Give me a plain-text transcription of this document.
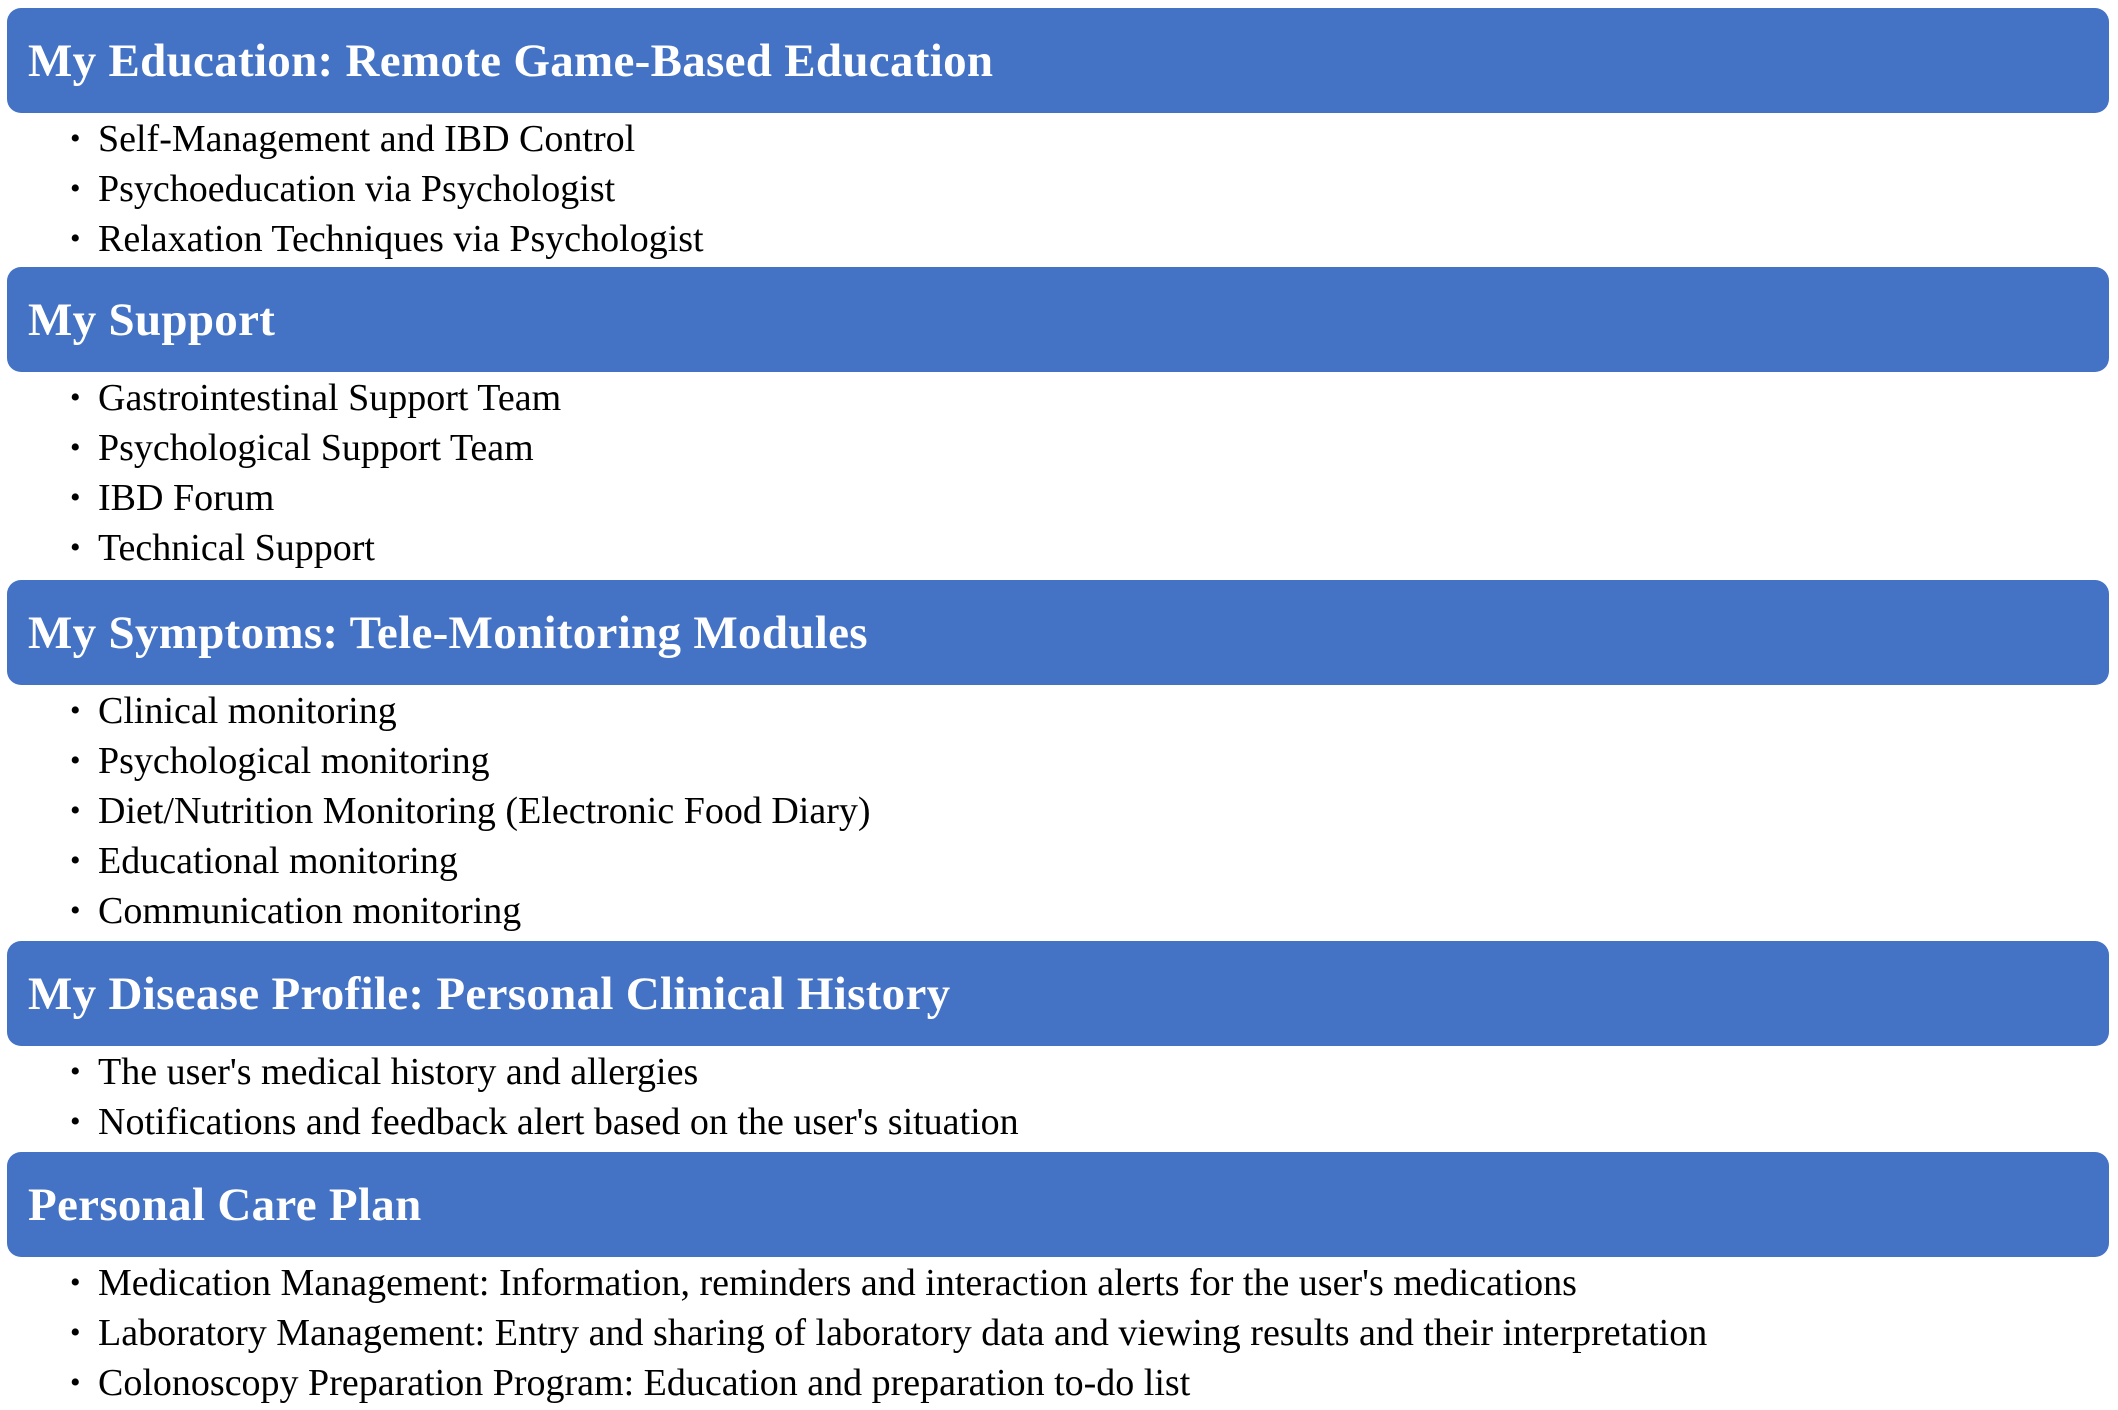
My Education: Remote Game-Based Education
• Self-Management and IBD Control
• Psychoeducation via Psychologist
• Relaxation Techniques via Psychologist
My Support
• Gastrointestinal Support Team
• Psychological Support Team
• IBD Forum
• Technical Support
My Symptoms: Tele-Monitoring Modules
• Clinical monitoring
• Psychological monitoring
• Diet/Nutrition Monitoring (Electronic Food Diary)
• Educational monitoring
• Communication monitoring
My Disease Profile: Personal Clinical History
• The user's medical history and allergies
• Notifications and feedback alert based on the user's situation
Personal Care Plan
• Medication Management: Information, reminders and interaction alerts for the user's medications
• Laboratory Management: Entry and sharing of laboratory data and viewing results and their interpretation
• Colonoscopy Preparation Program: Education and preparation to-do list
